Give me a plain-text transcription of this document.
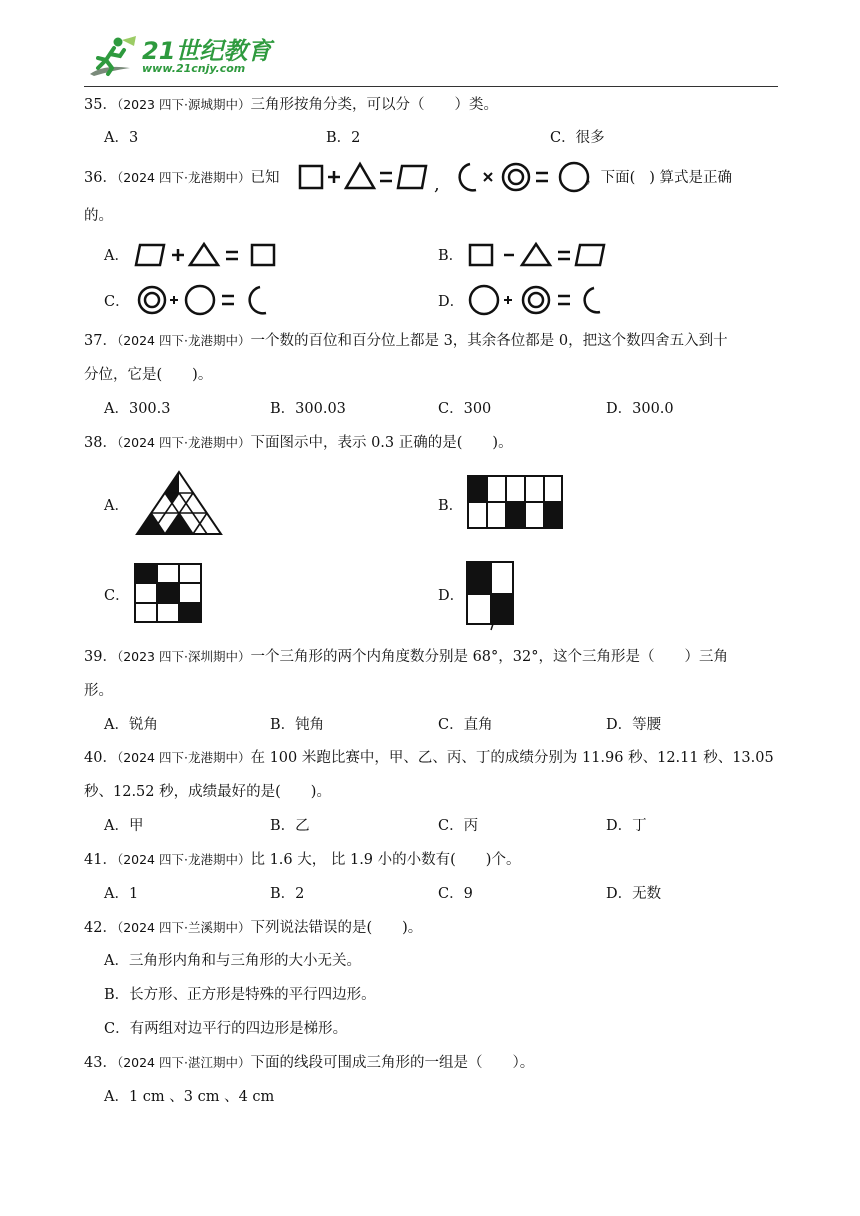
21世纪教育
www.21cnjy.com
35．（2023 四下·源城期中）三角形按角分类，可以分（ ）类。
A．3	B．2	C．很多
36．（2024 四下·龙港期中）已知	，下面( ) 算式是正确
,
的。
A．	B．
C．	D．
37．（2024 四下·龙港期中）一个数的百位和百分位上都是 3，其余各位都是 0，把这个数四舍五入到十
分位，它是( )。
A．300.3	B．300.03	C．300	D．300.0
38．（2024 四下·龙港期中）下面图示中，表示 0.3 正确的是( )。
A．	B．
C．	D．
39．（2023 四下·深圳期中）一个三角形的两个内角度数分别是 68°，32°，这个三角形是（ ）三角
形。
A．锐角	B．钝角	C．直角	D．等腰
40．（2024 四下·龙港期中）在 100 米跑比赛中，甲、乙、丙、丁的成绩分别为 11.96 秒、12.11 秒、13.05
秒、12.52 秒，成绩最好的是( )。
A．甲	B．乙	C．丙	D．丁
41．（2024 四下·龙港期中）比 1.6 大， 比 1.9 小的小数有( )个。
A．1	B．2	C．9	D．无数
42．（2024 四下·兰溪期中）下列说法错误的是( )。
A．三角形内角和与三角形的大小无关。
B．长方形、正方形是特殊的平行四边形。
C．有两组对边平行的四边形是梯形。
43．（2024 四下·湛江期中）下面的线段可围成三角形的一组是（ ）。
A．1 cm 、3 cm 、4 cm
